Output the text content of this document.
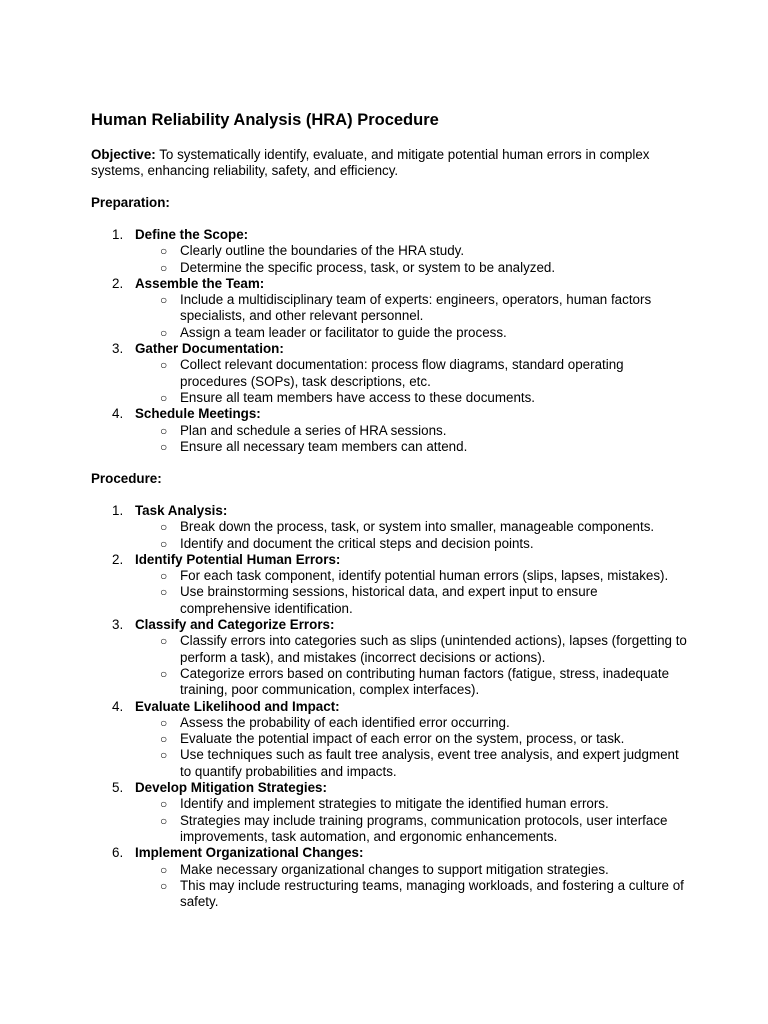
Human Reliability Analysis (HRA) Procedure
Objective: To systematically identify, evaluate, and mitigate potential human errors in complex systems, enhancing reliability, safety, and efficiency.
Preparation:
1. Define the Scope:
○ Clearly outline the boundaries of the HRA study.
○ Determine the specific process, task, or system to be analyzed.
2. Assemble the Team:
○ Include a multidisciplinary team of experts: engineers, operators, human factors specialists, and other relevant personnel.
○ Assign a team leader or facilitator to guide the process.
3. Gather Documentation:
○ Collect relevant documentation: process flow diagrams, standard operating procedures (SOPs), task descriptions, etc.
○ Ensure all team members have access to these documents.
4. Schedule Meetings:
○ Plan and schedule a series of HRA sessions.
○ Ensure all necessary team members can attend.
Procedure:
1. Task Analysis:
○ Break down the process, task, or system into smaller, manageable components.
○ Identify and document the critical steps and decision points.
2. Identify Potential Human Errors:
○ For each task component, identify potential human errors (slips, lapses, mistakes).
○ Use brainstorming sessions, historical data, and expert input to ensure comprehensive identification.
3. Classify and Categorize Errors:
○ Classify errors into categories such as slips (unintended actions), lapses (forgetting to perform a task), and mistakes (incorrect decisions or actions).
○ Categorize errors based on contributing human factors (fatigue, stress, inadequate training, poor communication, complex interfaces).
4. Evaluate Likelihood and Impact:
○ Assess the probability of each identified error occurring.
○ Evaluate the potential impact of each error on the system, process, or task.
○ Use techniques such as fault tree analysis, event tree analysis, and expert judgment to quantify probabilities and impacts.
5. Develop Mitigation Strategies:
○ Identify and implement strategies to mitigate the identified human errors.
○ Strategies may include training programs, communication protocols, user interface improvements, task automation, and ergonomic enhancements.
6. Implement Organizational Changes:
○ Make necessary organizational changes to support mitigation strategies.
○ This may include restructuring teams, managing workloads, and fostering a culture of safety.
